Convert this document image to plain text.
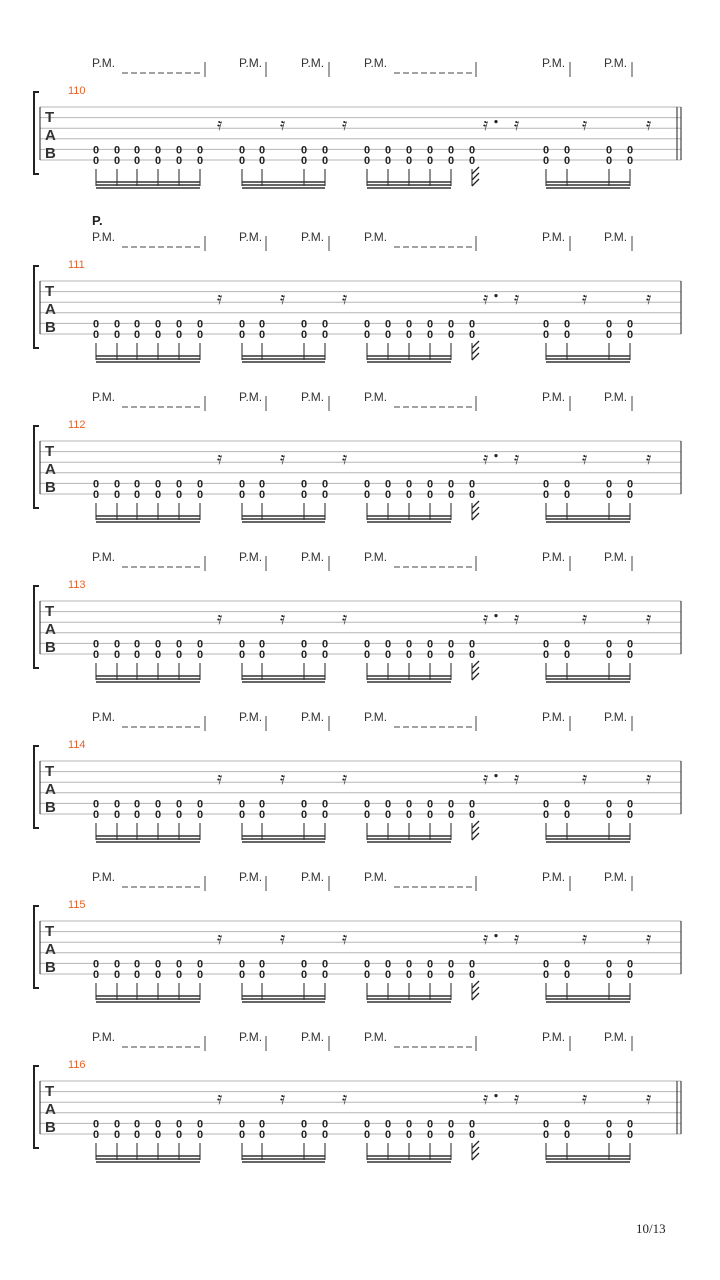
P.M.	P.M.	P.M.	P.M.	P.M.	P.M.
110
T
A
B
𝄿	𝄿	𝄿	𝄿
𝄿	𝄿	𝄿
0
0
0
0
0
0
0
0
0
0
0
0
0
0
0
0
0
0
0
0
0
0
0
0
0
0
0
0
0
0
0
0
0
0
0
0
0
0
0
0
P.M.	P.M.	P.M.	P.M.	P.M.	P.M.
P.
111
T
A
B
𝄿	𝄿	𝄿	𝄿
𝄿	𝄿	𝄿
0
0
0
0
0
0
0
0
0
0
0
0
0
0
0
0
0
0
0
0
0
0
0
0
0
0
0
0
0
0
0
0
0
0
0
0
0
0
0
0
P.M.	P.M.	P.M.	P.M.	P.M.	P.M.
112
T
A
B
𝄿	𝄿	𝄿	𝄿
𝄿	𝄿	𝄿
0
0
0
0
0
0
0
0
0
0
0
0
0
0
0
0
0
0
0
0
0
0
0
0
0
0
0
0
0
0
0
0
0
0
0
0
0
0
0
0
P.M.	P.M.	P.M.	P.M.	P.M.	P.M.
113
T
A
B
𝄿	𝄿	𝄿	𝄿
𝄿	𝄿	𝄿
0
0
0
0
0
0
0
0
0
0
0
0
0
0
0
0
0
0
0
0
0
0
0
0
0
0
0
0
0
0
0
0
0
0
0
0
0
0
0
0
P.M.	P.M.	P.M.	P.M.	P.M.	P.M.
114
T
A
B
𝄿	𝄿	𝄿	𝄿
𝄿	𝄿	𝄿
0
0
0
0
0
0
0
0
0
0
0
0
0
0
0
0
0
0
0
0
0
0
0
0
0
0
0
0
0
0
0
0
0
0
0
0
0
0
0
0
P.M.	P.M.	P.M.	P.M.	P.M.	P.M.
115
T
A
B
𝄿	𝄿	𝄿	𝄿
𝄿	𝄿	𝄿
0
0
0
0
0
0
0
0
0
0
0
0
0
0
0
0
0
0
0
0
0
0
0
0
0
0
0
0
0
0
0
0
0
0
0
0
0
0
0
0
P.M.	P.M.	P.M.	P.M.	P.M.	P.M.
116
T
A
B
𝄿	𝄿	𝄿	𝄿
𝄿	𝄿	𝄿
0
0
0
0
0
0
0
0
0
0
0
0
0
0
0
0
0
0
0
0
0
0
0
0
0
0
0
0
0
0
0
0
0
0
0
0
0
0
0
0
10/13
